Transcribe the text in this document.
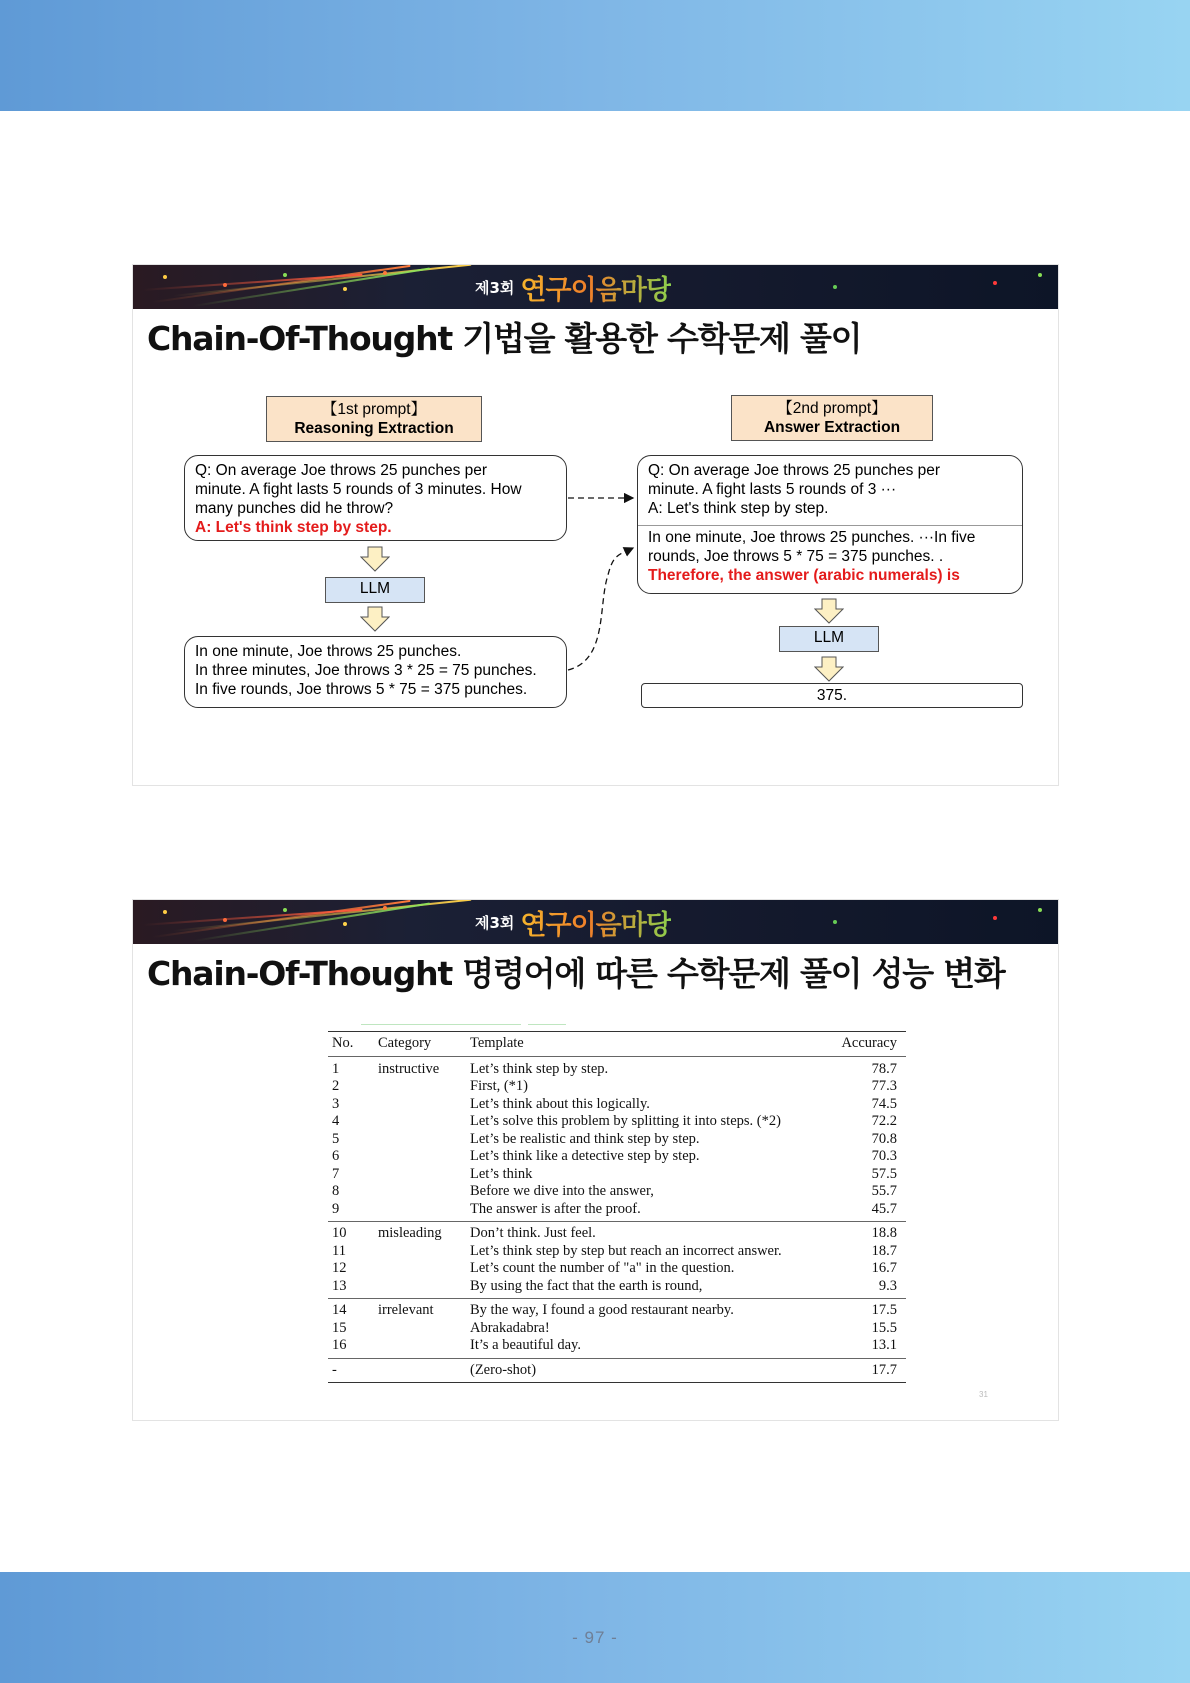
제3회 연구이음마당
Chain-Of-Thought 기법을 활용한 수학문제 풀이
【1st prompt】
Reasoning Extraction
Q: On average Joe throws 25 punches per
minute. A fight lasts 5 rounds of 3 minutes. How
many punches did he throw?
A: Let's think step by step.
LLM
In one minute, Joe throws 25 punches.
In three minutes, Joe throws 3 * 25 = 75 punches.
In five rounds, Joe throws 5 * 75 = 375 punches.
【2nd prompt】
Answer Extraction
Q: On average Joe throws 25 punches per
minute. A fight lasts 5 rounds of 3 ···
A: Let's think step by step.
In one minute, Joe throws 25 punches. ···In five
rounds, Joe throws 5 * 75 = 375 punches. .
Therefore, the answer (arabic numerals) is
LLM
375.
제3회 연구이음마당
Chain-Of-Thought 명령어에 따른 수학문제 풀이 성능 변화
No.	Category	Template	Accuracy
1	instructive	Let’s think step by step.	78.7
2		First, (*1)	77.3
3		Let’s think about this logically.	74.5
4		Let’s solve this problem by splitting it into steps. (*2)	72.2
5		Let’s be realistic and think step by step.	70.8
6		Let’s think like a detective step by step.	70.3
7		Let’s think	57.5
8		Before we dive into the answer,	55.7
9		The answer is after the proof.	45.7
10	misleading	Don’t think. Just feel.	18.8
11		Let’s think step by step but reach an incorrect answer.	18.7
12		Let’s count the number of "a" in the question.	16.7
13		By using the fact that the earth is round,	9.3
14	irrelevant	By the way, I found a good restaurant nearby.	17.5
15		Abrakadabra!	15.5
16		It’s a beautiful day.	13.1
-		(Zero-shot)	17.7
31
- 97 -
